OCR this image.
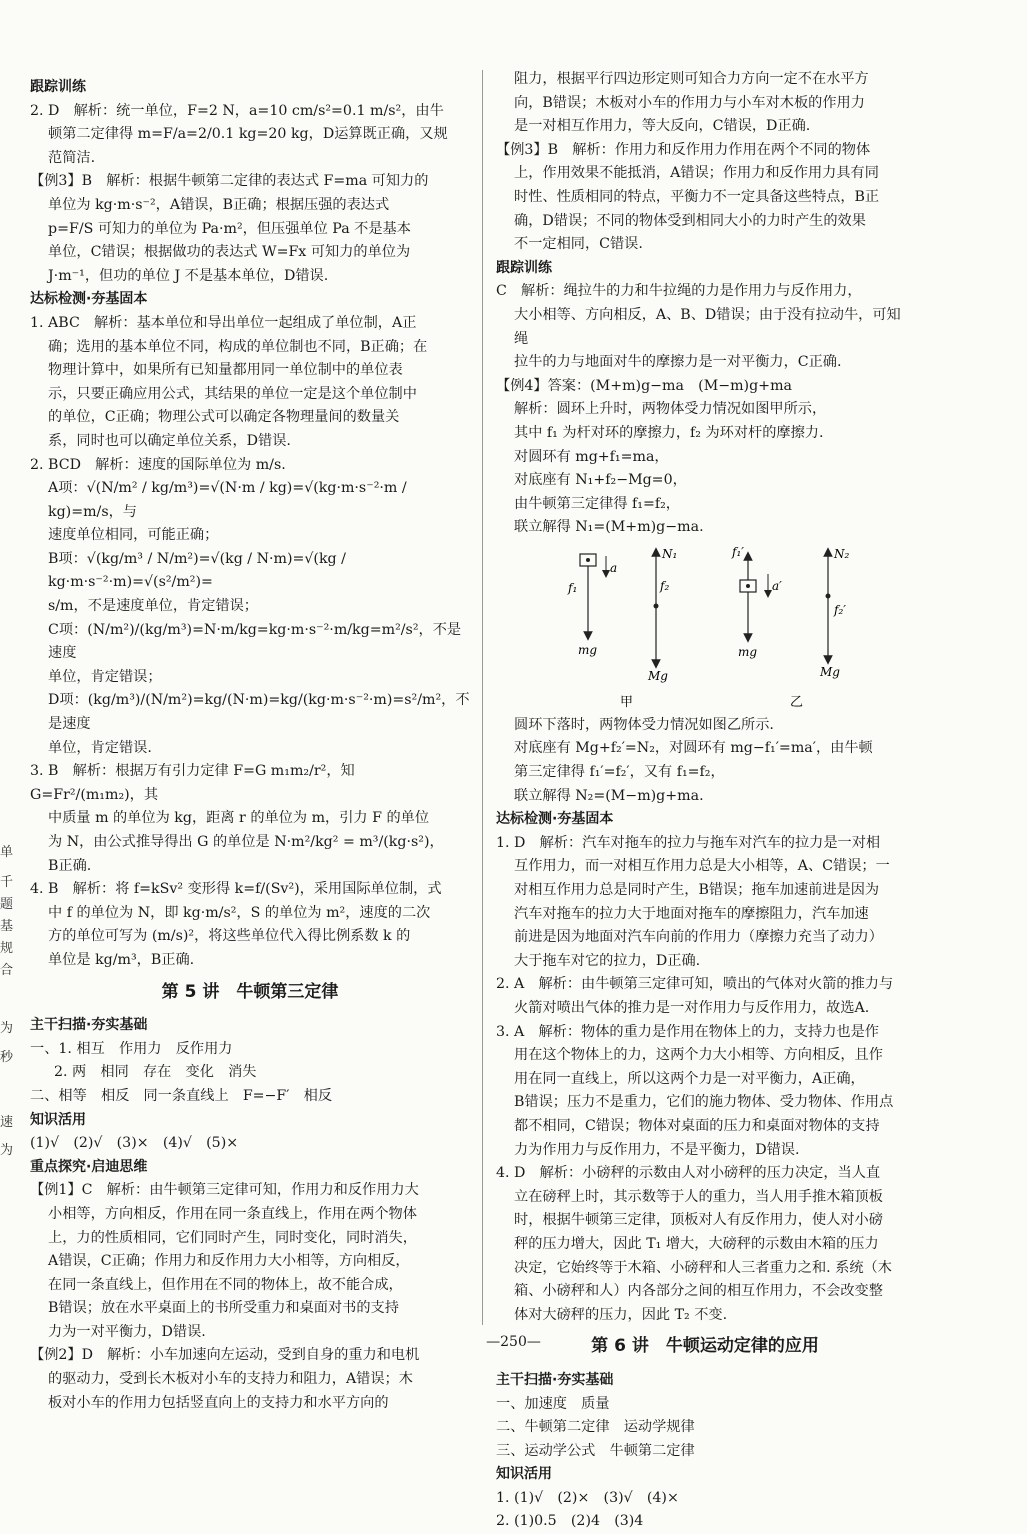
单
千
题
基
规
合
为
秒
速
为

跟踪训练

2. D　解析：统一单位，F=2 N，a=10 cm/s²=0.1 m/s²，由牛

顿第二定律得 m=F/a=2/0.1 kg=20 kg，D运算既正确，又规

范简洁.

【例3】B　解析：根据牛顿第二定律的表达式 F=ma 可知力的

单位为 kg·m·s⁻²，A错误，B正确；根据压强的表达式

p=F/S 可知力的单位为 Pa·m²，但压强单位 Pa 不是基本

单位，C错误；根据做功的表达式 W=Fx 可知力的单位为

J·m⁻¹，但功的单位 J 不是基本单位，D错误.

达标检测·夯基固本

1. ABC　解析：基本单位和导出单位一起组成了单位制，A正

确；选用的基本单位不同，构成的单位制也不同，B正确；在

物理计算中，如果所有已知量都用同一单位制中的单位表

示，只要正确应用公式，其结果的单位一定是这个单位制中

的单位，C正确；物理公式可以确定各物理量间的数量关

系，同时也可以确定单位关系，D错误.

2. BCD　解析：速度的国际单位为 m/s.

A项：√(N/m² / kg/m³)=√(N·m / kg)=√(kg·m·s⁻²·m / kg)=m/s，与

速度单位相同，可能正确；

B项：√(kg/m³ / N/m²)=√(kg / N·m)=√(kg / kg·m·s⁻²·m)=√(s²/m²)=

s/m，不是速度单位，肯定错误；

C项：(N/m²)/(kg/m³)=N·m/kg=kg·m·s⁻²·m/kg=m²/s²，不是速度

单位，肯定错误；

D项：(kg/m³)/(N/m²)=kg/(N·m)=kg/(kg·m·s⁻²·m)=s²/m²，不是速度

单位，肯定错误.

3. B　解析：根据万有引力定律 F=G m₁m₂/r²，知 G=Fr²/(m₁m₂)，其

中质量 m 的单位为 kg，距离 r 的单位为 m，引力 F 的单位

为 N，由公式推导得出 G 的单位是 N·m²/kg² = m³/(kg·s²)，

B正确.

4. B　解析：将 f=kSv² 变形得 k=f/(Sv²)，采用国际单位制，式

中 f 的单位为 N，即 kg·m/s²，S 的单位为 m²，速度的二次

方的单位可写为 (m/s)²，将这些单位代入得比例系数 k 的

单位是 kg/m³，B正确.

第 5 讲　牛顿第三定律

主干扫描·夯实基础

一、1. 相互　作用力　反作用力

2. 两　相同　存在　变化　消失

二、相等　相反　同一条直线上　F=−F′　相反

知识活用

(1)√　(2)√　(3)×　(4)√　(5)×

重点探究·启迪思维

【例1】C　解析：由牛顿第三定律可知，作用力和反作用力大

小相等，方向相反，作用在同一条直线上，作用在两个物体

上，力的性质相同，它们同时产生，同时变化，同时消失，

A错误，C正确；作用力和反作用力大小相等，方向相反，

在同一条直线上，但作用在不同的物体上，故不能合成，

B错误；放在水平桌面上的书所受重力和桌面对书的支持

力为一对平衡力，D错误.

【例2】D　解析：小车加速向左运动，受到自身的重力和电机

的驱动力，受到长木板对小车的支持力和阻力，A错误；木

板对小车的作用力包括竖直向上的支持力和水平方向的

阻力，根据平行四边形定则可知合力方向一定不在水平方

向，B错误；木板对小车的作用力与小车对木板的作用力

是一对相互作用力，等大反向，C错误，D正确.

【例3】B　解析：作用力和反作用力作用在两个不同的物体

上，作用效果不能抵消，A错误；作用力和反作用力具有同

时性、性质相同的特点，平衡力不一定具备这些特点，B正

确，D错误；不同的物体受到相同大小的力时产生的效果

不一定相同，C错误.

跟踪训练

C　解析：绳拉牛的力和牛拉绳的力是作用力与反作用力，

大小相等、方向相反，A、B、D错误；由于没有拉动牛，可知绳

拉牛的力与地面对牛的摩擦力是一对平衡力，C正确.

【例4】答案：(M+m)g−ma　(M−m)g+ma

解析：圆环上升时，两物体受力情况如图甲所示，

其中 f₁ 为杆对环的摩擦力，f₂ 为环对杆的摩擦力.

对圆环有 mg+f₁=ma，

对底座有 N₁+f₂−Mg=0，

由牛顿第三定律得 f₁=f₂，

联立解得 N₁=(M+m)g−ma.

f₁
a
mg
N₁
f₂
Mg
甲
f₁′
a′
mg
N₂
f₂′
Mg
乙

圆环下落时，两物体受力情况如图乙所示.

对底座有 Mg+f₂′=N₂，对圆环有 mg−f₁′=ma′，由牛顿

第三定律得 f₁′=f₂′，又有 f₁=f₂，

联立解得 N₂=(M−m)g+ma.

达标检测·夯基固本

1. D　解析：汽车对拖车的拉力与拖车对汽车的拉力是一对相

互作用力，而一对相互作用力总是大小相等，A、C错误；一

对相互作用力总是同时产生，B错误；拖车加速前进是因为

汽车对拖车的拉力大于地面对拖车的摩擦阻力，汽车加速

前进是因为地面对汽车向前的作用力（摩擦力充当了动力）

大于拖车对它的拉力，D正确.

2. A　解析：由牛顿第三定律可知，喷出的气体对火箭的推力与

火箭对喷出气体的推力是一对作用力与反作用力，故选A.

3. A　解析：物体的重力是作用在物体上的力，支持力也是作

用在这个物体上的力，这两个力大小相等、方向相反，且作

用在同一直线上，所以这两个力是一对平衡力，A正确，

B错误；压力不是重力，它们的施力物体、受力物体、作用点

都不相同，C错误；物体对桌面的压力和桌面对物体的支持

力为作用力与反作用力，不是平衡力，D错误.

4. D　解析：小磅秤的示数由人对小磅秤的压力决定，当人直

立在磅秤上时，其示数等于人的重力，当人用手推木箱顶板

时，根据牛顿第三定律，顶板对人有反作用力，使人对小磅

秤的压力增大，因此 T₁ 增大，大磅秤的示数由木箱的压力

决定，它始终等于木箱、小磅秤和人三者重力之和. 系统（木

箱、小磅秤和人）内各部分之间的相互作用力，不会改变整

体对大磅秤的压力，因此 T₂ 不变.

第 6 讲　牛顿运动定律的应用

主干扫描·夯实基础

一、加速度　质量

二、牛顿第二定律　运动学规律

三、运动学公式　牛顿第二定律

知识活用

1. (1)√　(2)×　(3)√　(4)×

2. (1)0.5　(2)4　(3)4

—250—
